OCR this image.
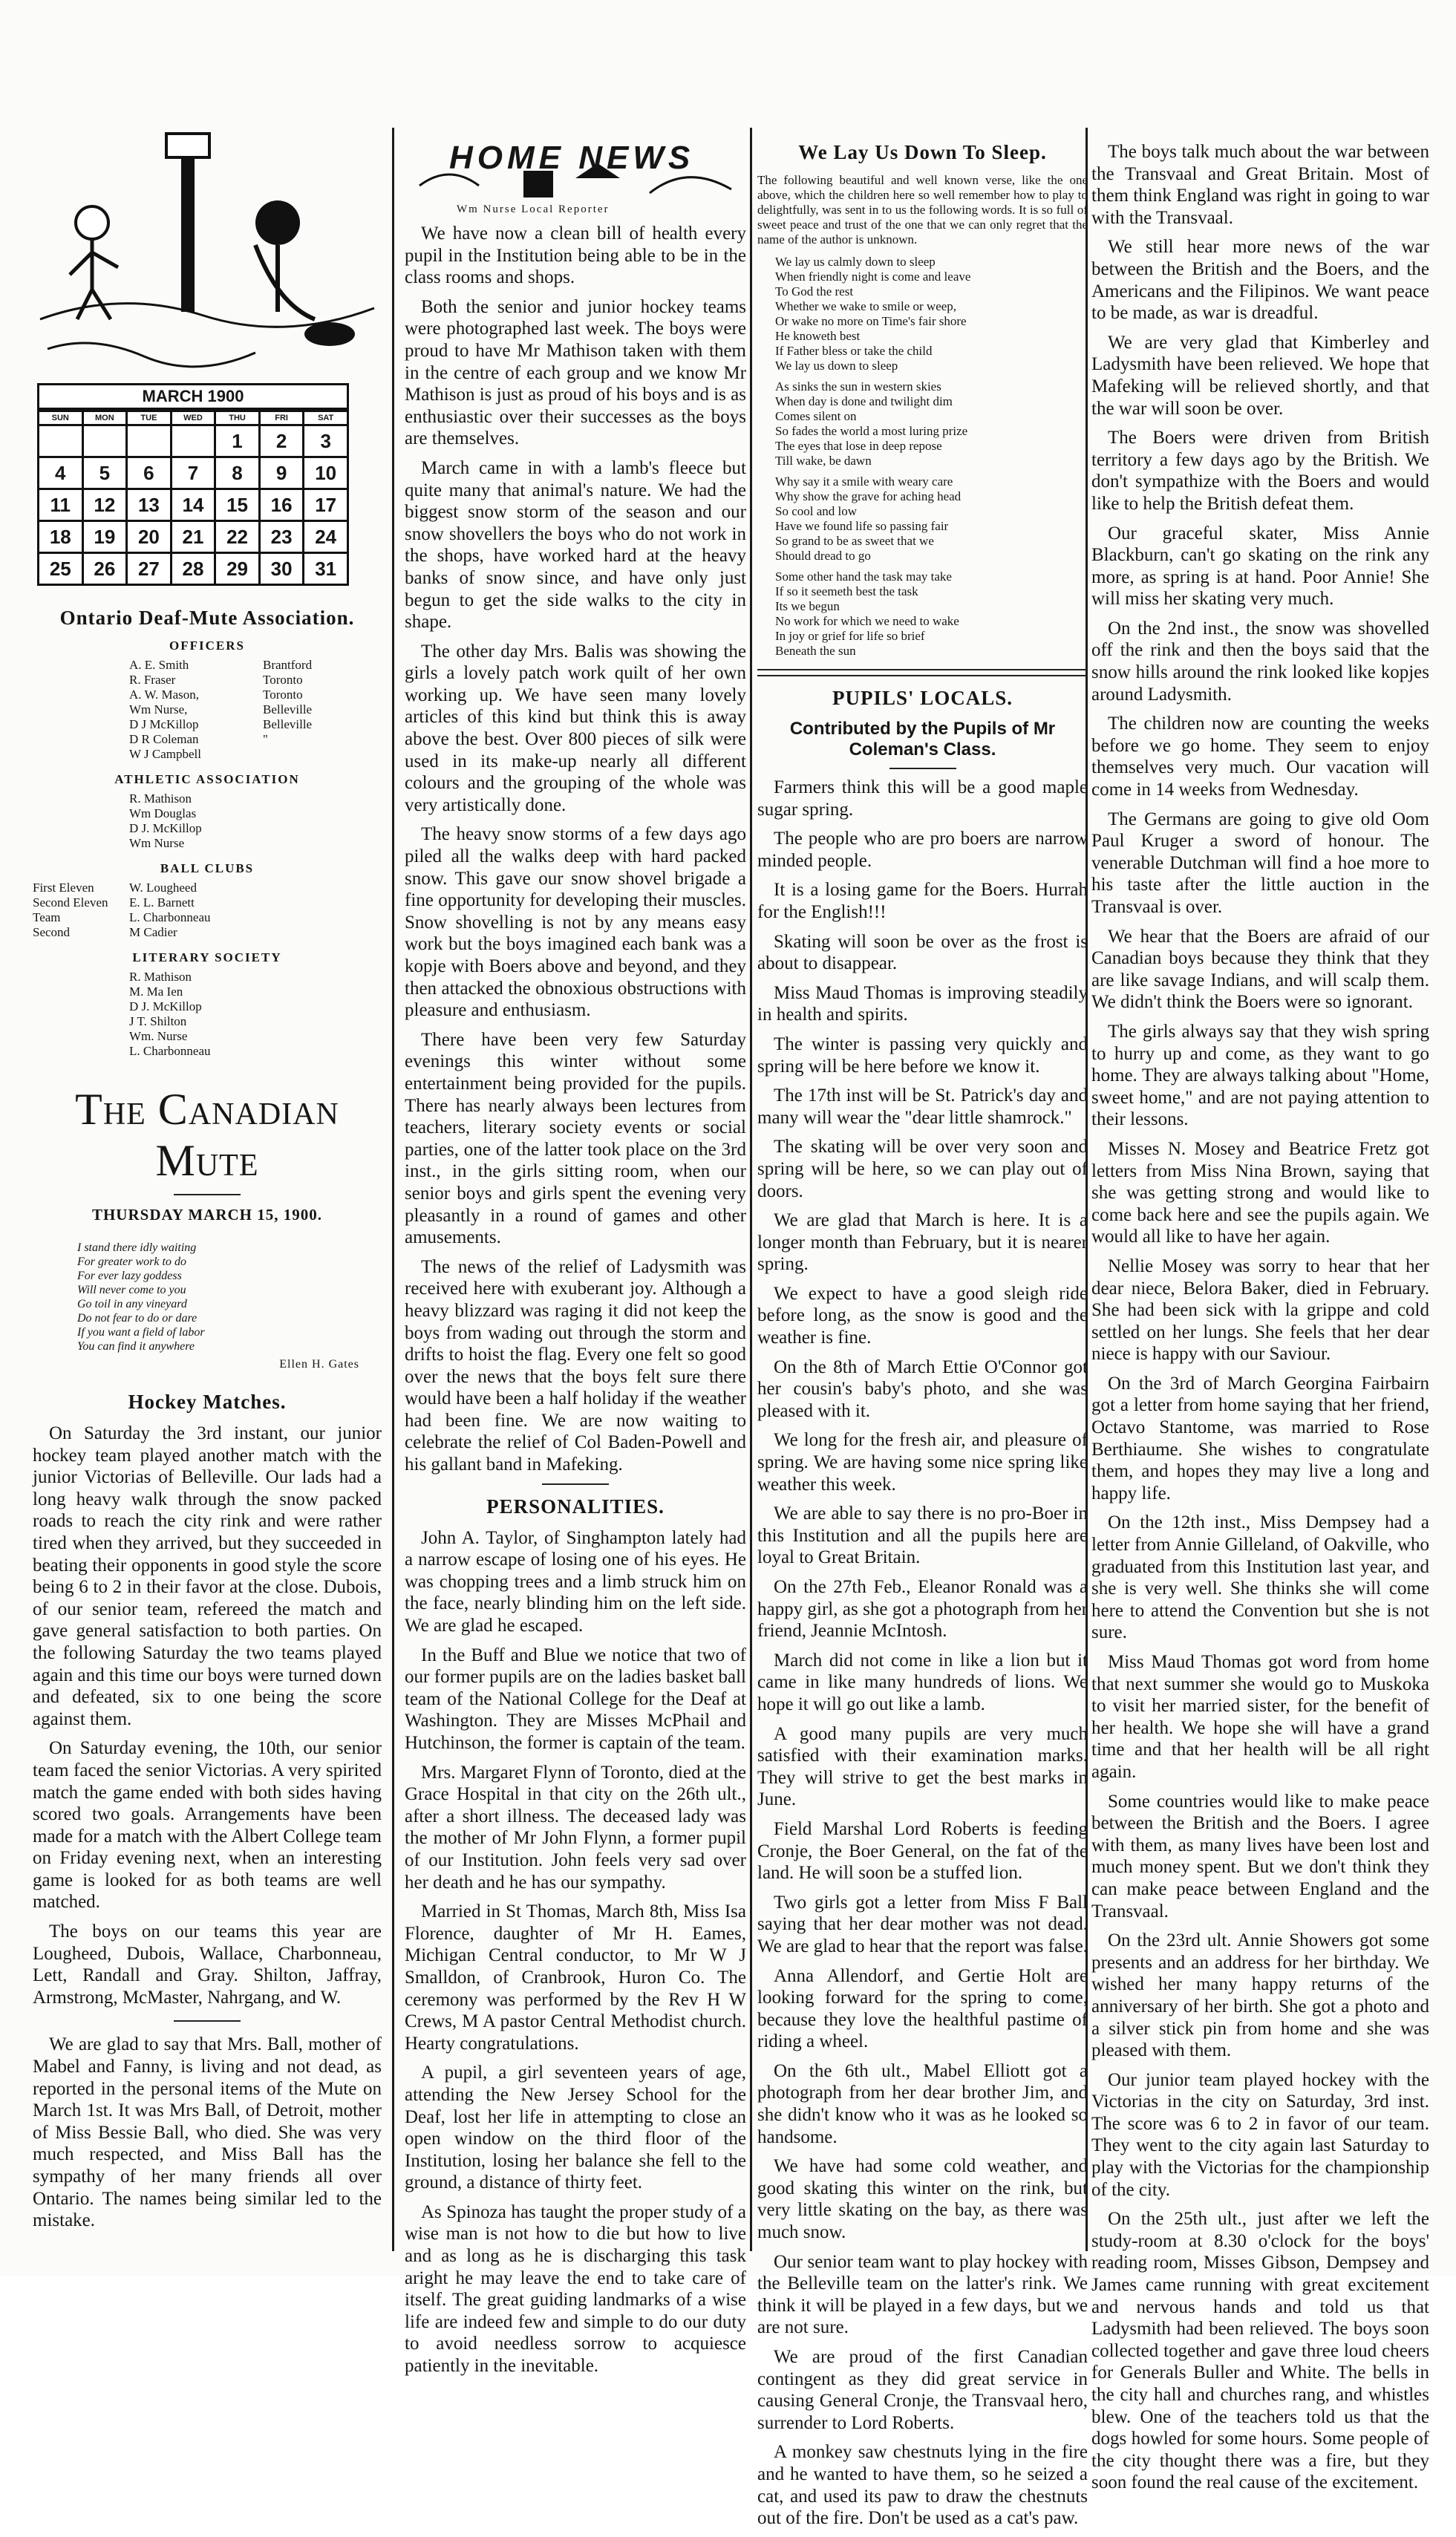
MARCH 1900
SUN	MON	TUE	WED	THU	FRI	SAT
				1	2	3
4	5	6	7	8	9	10
11	12	13	14	15	16	17
18	19	20	21	22	23	24
25	26	27	28	29	30	31
Ontario Deaf-Mute Association.
OFFICERS
A. E. Smith	Brantford
R. Fraser	Toronto
A. W. Mason,	Toronto
Wm Nurse,	Belleville
D J McKillop	Belleville
D R Coleman	"
W J Campbell
ATHLETIC ASSOCIATION
R. Mathison
Wm Douglas
D J. McKillop
Wm Nurse
BALL CLUBS
First Eleven	W. Lougheed
Second Eleven	E. L. Barnett
Team	L. Charbonneau
Second	M Cadier
LITERARY SOCIETY
R. Mathison
M. Ma Ien
D J. McKillop
J T. Shilton
Wm. Nurse
L. Charbonneau
The Canadian Mute
THURSDAY MARCH 15, 1900.
I stand there idly waiting
For greater work to do
For ever lazy goddess
Will never come to you
Go toil in any vineyard
Do not fear to do or dare
If you want a field of labor
You can find it anywhere
Ellen H. Gates
Hockey Matches.

On Saturday the 3rd instant, our junior hockey team played another match with the junior Victorias of Belleville. Our lads had a long heavy walk through the snow packed roads to reach the city rink and were rather tired when they arrived, but they succeeded in beating their opponents in good style the score being 6 to 2 in their favor at the close. Dubois, of our senior team, refereed the match and gave general satisfaction to both parties. On the following Saturday the two teams played again and this time our boys were turned down and defeated, six to one being the score against them.

On Saturday evening, the 10th, our senior team faced the senior Victorias. A very spirited match the game ended with both sides having scored two goals. Arrangements have been made for a match with the Albert College team on Friday evening next, when an interesting game is looked for as both teams are well matched.

The boys on our teams this year are Lougheed, Dubois, Wallace, Charbonneau, Lett, Randall and Gray. Shilton, Jaffray, Armstrong, McMaster, Nahrgang, and W.

We are glad to say that Mrs. Ball, mother of Mabel and Fanny, is living and not dead, as reported in the personal items of the Mute on March 1st. It was Mrs Ball, of Detroit, mother of Miss Bessie Ball, who died. She was very much respected, and Miss Ball has the sympathy of her many friends all over Ontario. The names being similar led to the mistake.

HOME NEWS
Wm Nurse Local Reporter

We have now a clean bill of health every pupil in the Institution being able to be in the class rooms and shops.

Both the senior and junior hockey teams were photographed last week. The boys were proud to have Mr Mathison taken with them in the centre of each group and we know Mr Mathison is just as proud of his boys and is as enthusiastic over their successes as the boys are themselves.

March came in with a lamb's fleece but quite many that animal's nature. We had the biggest snow storm of the season and our snow shovellers the boys who do not work in the shops, have worked hard at the heavy banks of snow since, and have only just begun to get the side walks to the city in shape.

The other day Mrs. Balis was showing the girls a lovely patch work quilt of her own working up. We have seen many lovely articles of this kind but think this is away above the best. Over 800 pieces of silk were used in its make-up nearly all different colours and the grouping of the whole was very artistically done.

The heavy snow storms of a few days ago piled all the walks deep with hard packed snow. This gave our snow shovel brigade a fine opportunity for developing their muscles. Snow shovelling is not by any means easy work but the boys imagined each bank was a kopje with Boers above and beyond, and they then attacked the obnoxious obstructions with pleasure and enthusiasm.

There have been very few Saturday evenings this winter without some entertainment being provided for the pupils. There has nearly always been lectures from teachers, literary society events or social parties, one of the latter took place on the 3rd inst., in the girls sitting room, when our senior boys and girls spent the evening very pleasantly in a round of games and other amusements.

The news of the relief of Ladysmith was received here with exuberant joy. Although a heavy blizzard was raging it did not keep the boys from wading out through the storm and drifts to hoist the flag. Every one felt so good over the news that the boys felt sure there would have been a half holiday if the weather had been fine. We are now waiting to celebrate the relief of Col Baden-Powell and his gallant band in Mafeking.

PERSONALITIES.

John A. Taylor, of Singhampton lately had a narrow escape of losing one of his eyes. He was chopping trees and a limb struck him on the face, nearly blinding him on the left side. We are glad he escaped.

In the Buff and Blue we notice that two of our former pupils are on the ladies basket ball team of the National College for the Deaf at Washington. They are Misses McPhail and Hutchinson, the former is captain of the team.

Mrs. Margaret Flynn of Toronto, died at the Grace Hospital in that city on the 26th ult., after a short illness. The deceased lady was the mother of Mr John Flynn, a former pupil of our Institution. John feels very sad over her death and he has our sympathy.

Married in St Thomas, March 8th, Miss Isa Florence, daughter of Mr H. Eames, Michigan Central conductor, to Mr W J Smalldon, of Cranbrook, Huron Co. The ceremony was performed by the Rev H W Crews, M A pastor Central Methodist church. Hearty congratulations.

A pupil, a girl seventeen years of age, attending the New Jersey School for the Deaf, lost her life in attempting to close an open window on the third floor of the Institution, losing her balance she fell to the ground, a distance of thirty feet.

As Spinoza has taught the proper study of a wise man is not how to die but how to live and as long as he is discharging this task aright he may leave the end to take care of itself. The great guiding landmarks of a wise life are indeed few and simple to do our duty to avoid needless sorrow to acquiesce patiently in the inevitable.

We Lay Us Down To Sleep.

The following beautiful and well known verse, like the one above, which the children here so well remember how to play to delightfully, was sent in to us the following words. It is so full of sweet peace and trust of the one that we can only regret that the name of the author is unknown.

We lay us calmly down to sleep
When friendly night is come and leave
To God the rest
Whether we wake to smile or weep,
Or wake no more on Time's fair shore
He knoweth best
If Father bless or take the child
We lay us down to sleep
As sinks the sun in western skies
When day is done and twilight dim
Comes silent on
So fades the world a most luring prize
The eyes that lose in deep repose
Till wake, be dawn
Why say it a smile with weary care
Why show the grave for aching head
So cool and low
Have we found life so passing fair
So grand to be as sweet that we
Should dread to go
Some other hand the task may take
If so it seemeth best the task
Its we begun
No work for which we need to wake
In joy or grief for life so brief
Beneath the sun
PUPILS' LOCALS.
Contributed by the Pupils of Mr Coleman's Class.

Farmers think this will be a good maple sugar spring.

The people who are pro boers are narrow minded people.

It is a losing game for the Boers. Hurrah for the English!!!

Skating will soon be over as the frost is about to disappear.

Miss Maud Thomas is improving steadily in health and spirits.

The winter is passing very quickly and spring will be here before we know it.

The 17th inst will be St. Patrick's day and many will wear the "dear little shamrock."

The skating will be over very soon and spring will be here, so we can play out of doors.

We are glad that March is here. It is a longer month than February, but it is nearer spring.

We expect to have a good sleigh ride before long, as the snow is good and the weather is fine.

On the 8th of March Ettie O'Connor got her cousin's baby's photo, and she was pleased with it.

We long for the fresh air, and pleasure of spring. We are having some nice spring like weather this week.

We are able to say there is no pro-Boer in this Institution and all the pupils here are loyal to Great Britain.

On the 27th Feb., Eleanor Ronald was a happy girl, as she got a photograph from her friend, Jeannie McIntosh.

March did not come in like a lion but it came in like many hundreds of lions. We hope it will go out like a lamb.

A good many pupils are very much satisfied with their examination marks. They will strive to get the best marks in June.

Field Marshal Lord Roberts is feeding Cronje, the Boer General, on the fat of the land. He will soon be a stuffed lion.

Two girls got a letter from Miss F Ball saying that her dear mother was not dead. We are glad to hear that the report was false.

Anna Allendorf, and Gertie Holt are looking forward for the spring to come, because they love the healthful pastime of riding a wheel.

On the 6th ult., Mabel Elliott got a photograph from her dear brother Jim, and she didn't know who it was as he looked so handsome.

We have had some cold weather, and good skating this winter on the rink, but very little skating on the bay, as there was much snow.

Our senior team want to play hockey with the Belleville team on the latter's rink. We think it will be played in a few days, but we are not sure.

We are proud of the first Canadian contingent as they did great service in causing General Cronje, the Transvaal hero, surrender to Lord Roberts.

A monkey saw chestnuts lying in the fire and he wanted to have them, so he seized a cat, and used its paw to draw the chestnuts out of the fire. Don't be used as a cat's paw.

The boys talk much about the war between the Transvaal and Great Britain. Most of them think England was right in going to war with the Transvaal.

We still hear more news of the war between the British and the Boers, and the Americans and the Filipinos. We want peace to be made, as war is dreadful.

We are very glad that Kimberley and Ladysmith have been relieved. We hope that Mafeking will be relieved shortly, and that the war will soon be over.

The Boers were driven from British territory a few days ago by the British. We don't sympathize with the Boers and would like to help the British defeat them.

Our graceful skater, Miss Annie Blackburn, can't go skating on the rink any more, as spring is at hand. Poor Annie! She will miss her skating very much.

On the 2nd inst., the snow was shovelled off the rink and then the boys said that the snow hills around the rink looked like kopjes around Ladysmith.

The children now are counting the weeks before we go home. They seem to enjoy themselves very much. Our vacation will come in 14 weeks from Wednesday.

The Germans are going to give old Oom Paul Kruger a sword of honour. The venerable Dutchman will find a hoe more to his taste after the little auction in the Transvaal is over.

We hear that the Boers are afraid of our Canadian boys because they think that they are like savage Indians, and will scalp them. We didn't think the Boers were so ignorant.

The girls always say that they wish spring to hurry up and come, as they want to go home. They are always talking about "Home, sweet home," and are not paying attention to their lessons.

Misses N. Mosey and Beatrice Fretz got letters from Miss Nina Brown, saying that she was getting strong and would like to come back here and see the pupils again. We would all like to have her again.

Nellie Mosey was sorry to hear that her dear niece, Belora Baker, died in February. She had been sick with la grippe and cold settled on her lungs. She feels that her dear niece is happy with our Saviour.

On the 3rd of March Georgina Fairbairn got a letter from home saying that her friend, Octavo Stantome, was married to Rose Berthiaume. She wishes to congratulate them, and hopes they may live a long and happy life.

On the 12th inst., Miss Dempsey had a letter from Annie Gilleland, of Oakville, who graduated from this Institution last year, and she is very well. She thinks she will come here to attend the Convention but she is not sure.

Miss Maud Thomas got word from home that next summer she would go to Muskoka to visit her married sister, for the benefit of her health. We hope she will have a grand time and that her health will be all right again.

Some countries would like to make peace between the British and the Boers. I agree with them, as many lives have been lost and much money spent. But we don't think they can make peace between England and the Transvaal.

On the 23rd ult. Annie Showers got some presents and an address for her birthday. We wished her many happy returns of the anniversary of her birth. She got a photo and a silver stick pin from home and she was pleased with them.

Our junior team played hockey with the Victorias in the city on Saturday, 3rd inst. The score was 6 to 2 in favor of our team. They went to the city again last Saturday to play with the Victorias for the championship of the city.

On the 25th ult., just after we left the study-room at 8.30 o'clock for the boys' reading room, Misses Gibson, Dempsey and James came running with great excitement and nervous hands and told us that Ladysmith had been relieved. The boys soon collected together and gave three loud cheers for Generals Buller and White. The bells in the city hall and churches rang, and whistles blew. One of the teachers told us that the dogs howled for some hours. Some people of the city thought there was a fire, but they soon found the real cause of the excitement.
